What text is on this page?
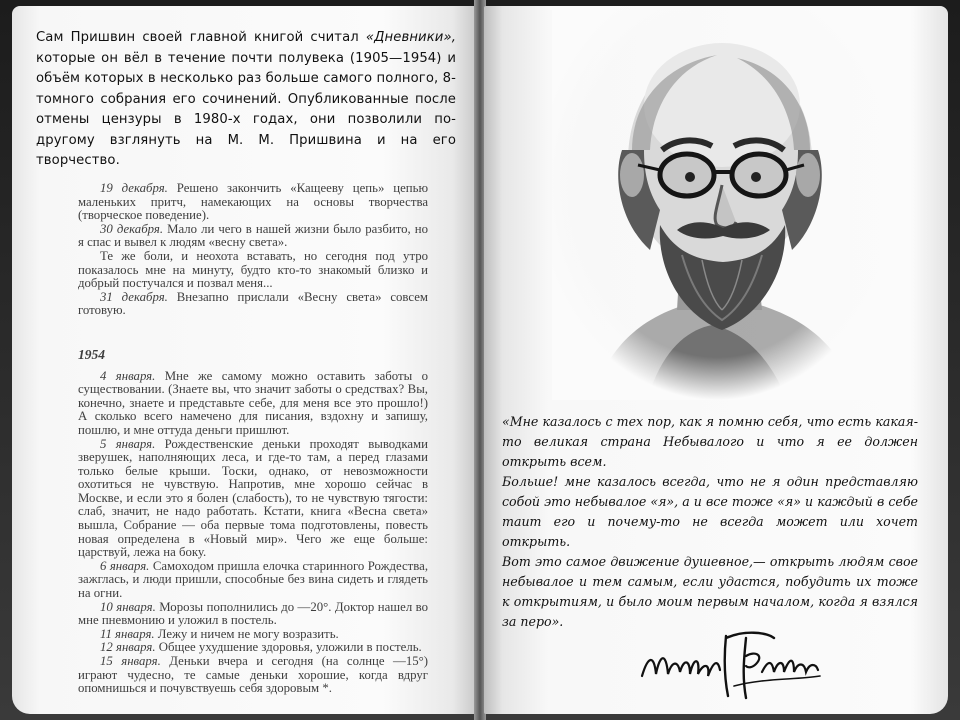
Сам Пришвин своей главной книгой считал «Дневники», которые он вёл в течение почти полувека (1905—1954) и объём которых в несколько раз больше самого полного, 8-томного собрания его сочинений. Опубликованные после отмены цензуры в 1980-х годах, они позволили по-другому взглянуть на М. М. Пришвина и на его творчество.

19 декабря. Решено закончить «Кащееву цепь» цепью маленьких притч, намекающих на основы творчества (творческое поведение).

30 декабря. Мало ли чего в нашей жизни было разбито, но я спас и вывел к людям «весну света».

Те же боли, и неохота вставать, но сегодня под утро показалось мне на минуту, будто кто-то знакомый близко и добрый постучался и позвал меня...

31 декабря. Внезапно прислали «Весну света» совсем готовую.

1954

4 января. Мне же самому можно оставить заботы о существовании. (Знаете вы, что значит заботы о средствах? Вы, конечно, знаете и представьте себе, для меня все это прошло!) А сколько всего намечено для писания, вздохну и запишу, пошлю, и мне оттуда деньги пришлют.

5 января. Рождественские деньки проходят выводками зверушек, наполняющих леса, и где-то там, а перед глазами только белые крыши. Тоски, однако, от невозможности охотиться не чувствую. Напротив, мне хорошо сейчас в Москве, и если это я болен (слабость), то не чувствую тягости: слаб, значит, не надо работать. Кстати, книга «Весна света» вышла, Собрание — оба первые тома подготовлены, повесть новая определена в «Новый мир». Чего же еще больше: царствуй, лежа на боку.

6 января. Самоходом пришла елочка старинного Рождества, зажглась, и люди пришли, способные без вина сидеть и глядеть на огни.

10 января. Морозы пополнились до —20°. Доктор нашел во мне пневмонию и уложил в постель.

11 января. Лежу и ничем не могу возразить.

12 января. Общее ухудшение здоровья, уложили в постель.

15 января. Деньки вчера и сегодня (на солнце —15°) играют чудесно, те самые деньки хорошие, когда вдруг опомнишься и почувствуешь себя здоровым *.

«Мне казалось с тех пор, как я помню себя, что есть какая-то великая страна Небывалого и что я ее должен открыть всем.

Больше! мне казалось всегда, что не я один представляю собой это небывалое «я», а и все тоже «я» и каждый в себе таит его и почему-то не всегда может или хочет открыть.

Вот это самое движение душевное,— открыть людям свое небывалое и тем самым, если удастся, побудить их тоже к открытиям, и было моим первым началом, когда я взялся за перо».
